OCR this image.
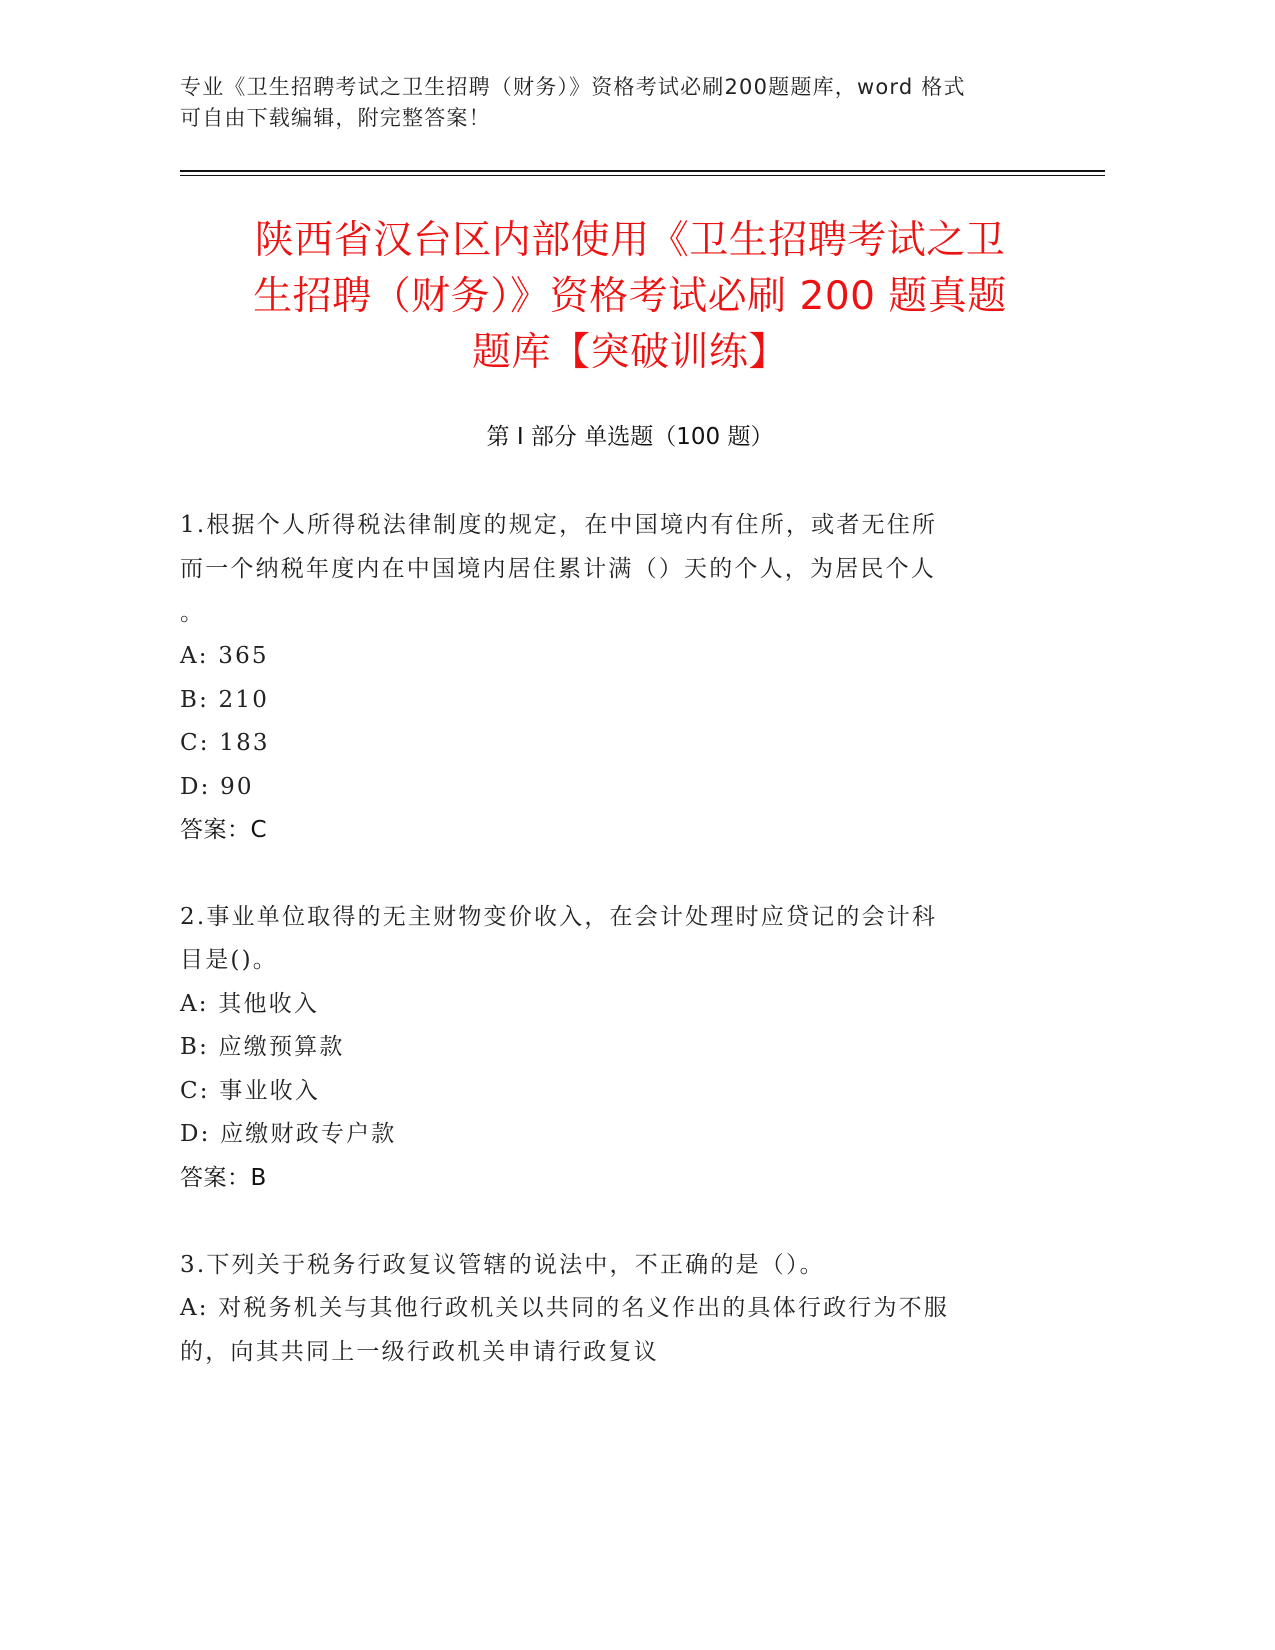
专业《卫生招聘考试之卫生招聘（财务）》资格考试必刷200题题库，word 格式
可自由下载编辑，附完整答案！
陕西省汉台区内部使用《卫生招聘考试之卫
生招聘（财务）》资格考试必刷 200 题真题
题库【突破训练】
第 I 部分 单选题（100 题）
1.根据个人所得税法律制度的规定，在中国境内有住所，或者无住所
而一个纳税年度内在中国境内居住累计满（）天的个人，为居民个人
。
A: 365
B: 210
C: 183
D: 90
答案：C
2.事业单位取得的无主财物变价收入，在会计处理时应贷记的会计科
目是()。
A: 其他收入
B: 应缴预算款
C: 事业收入
D: 应缴财政专户款
答案：B
3.下列关于税务行政复议管辖的说法中，不正确的是（）。
A: 对税务机关与其他行政机关以共同的名义作出的具体行政行为不服
的，向其共同上一级行政机关申请行政复议
